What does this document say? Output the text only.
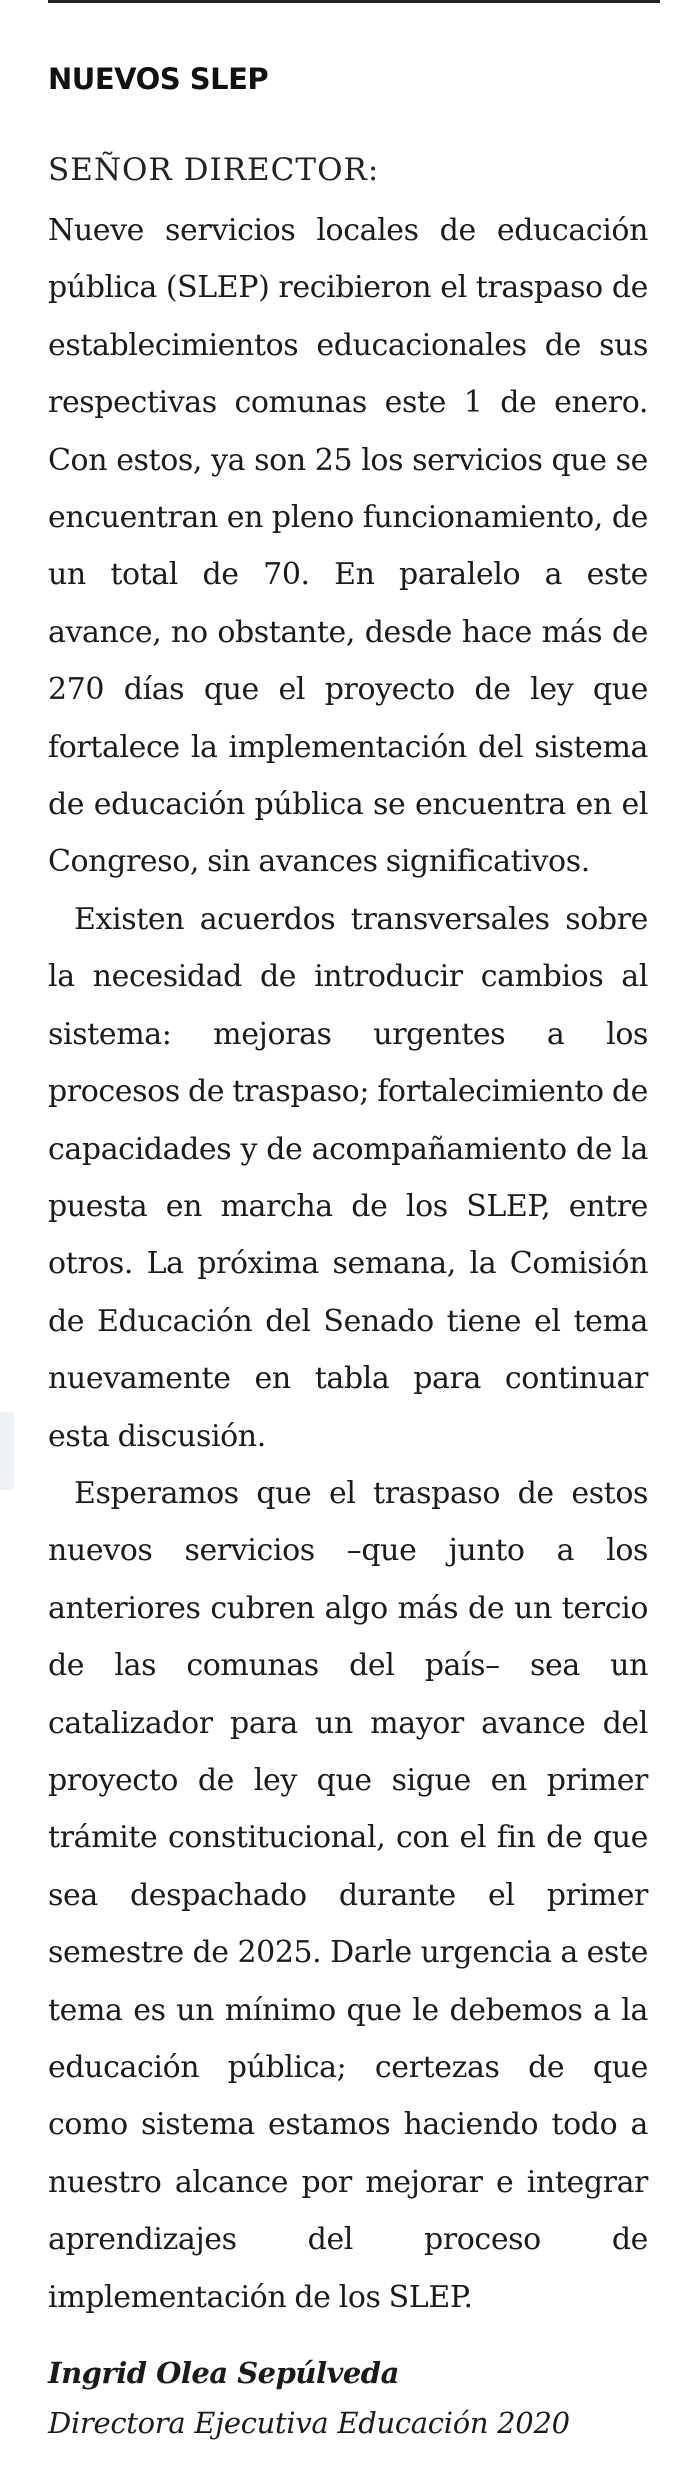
NUEVOS SLEP

SEÑOR DIRECTOR:

Nueve servicios locales de educación pública (SLEP) recibieron el traspaso de establecimientos educacionales de sus respectivas comunas este 1 de enero. Con estos, ya son 25 los servicios que se encuentran en pleno funcionamiento, de un total de 70. En paralelo a este avance, no obstante, desde hace más de 270 días que el proyecto de ley que fortalece la implementación del sistema de educación pública se encuentra en el Congreso, sin avances significativos.

Existen acuerdos transversales sobre la necesidad de introducir cambios al sistema: mejoras urgentes a los procesos de traspaso; fortalecimiento de capacidades y de acompañamiento de la puesta en marcha de los SLEP, entre otros. La próxima semana, la Comisión de Educación del Senado tiene el tema nuevamente en tabla para continuar esta discusión.

Esperamos que el traspaso de estos nuevos servicios –que junto a los anteriores cubren algo más de un tercio de las comunas del país– sea un catalizador para un mayor avance del proyecto de ley que sigue en primer trámite constitucional, con el fin de que sea despachado durante el primer semestre de 2025. Darle urgencia a este tema es un mínimo que le debemos a la educación pública; certezas de que como sistema estamos haciendo todo a nuestro alcance por mejorar e integrar aprendizajes del proceso de implementación de los SLEP.

Ingrid Olea Sepúlveda

Directora Ejecutiva Educación 2020
